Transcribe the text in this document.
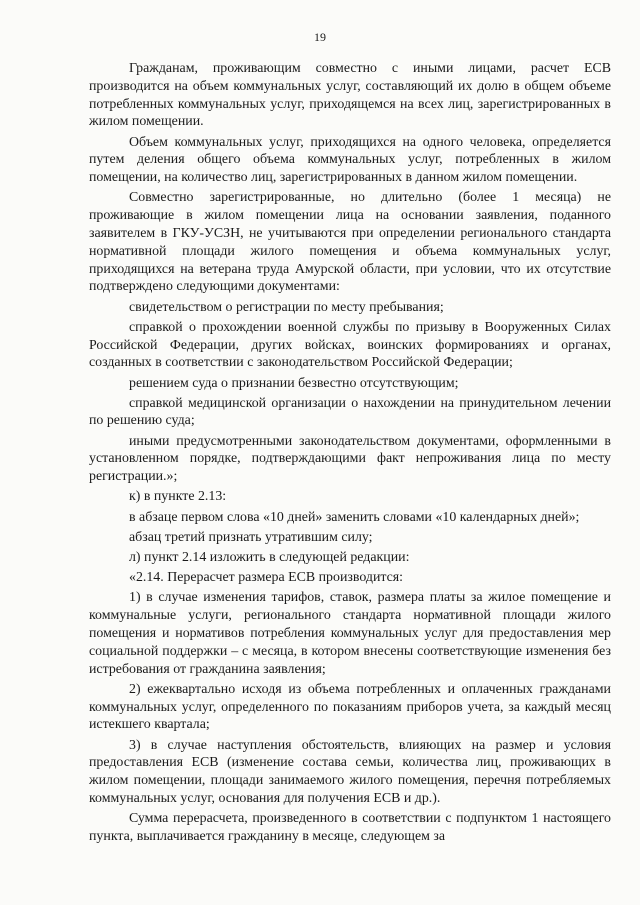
19

Гражданам, проживающим совместно с иными лицами, расчет ЕСВ производится на объем коммунальных услуг, составляющий их долю в общем объеме потребленных коммунальных услуг, приходящемся на всех лиц, зарегистрированных в жилом помещении.

Объем коммунальных услуг, приходящихся на одного человека, определяется путем деления общего объема коммунальных услуг, потребленных в жилом помещении, на количество лиц, зарегистрированных в данном жилом помещении.

Совместно зарегистрированные, но длительно (более 1 месяца) не проживающие в жилом помещении лица на основании заявления, поданного заявителем в ГКУ-УСЗН, не учитываются при определении регионального стандарта нормативной площади жилого помещения и объема коммунальных услуг, приходящихся на ветерана труда Амурской области, при условии, что их отсутствие подтверждено следующими документами:

свидетельством о регистрации по месту пребывания;

справкой о прохождении военной службы по призыву в Вооруженных Силах Российской Федерации, других войсках, воинских формированиях и органах, созданных в соответствии с законодательством Российской Федерации;

решением суда о признании безвестно отсутствующим;

справкой медицинской организации о нахождении на принудительном лечении по решению суда;

иными предусмотренными законодательством документами, оформленными в установленном порядке, подтверждающими факт непроживания лица по месту регистрации.»;

к) в пункте 2.13:

в абзаце первом слова «10 дней» заменить словами «10 календарных дней»;

абзац третий признать утратившим силу;

л) пункт 2.14 изложить в следующей редакции:

«2.14. Перерасчет размера ЕСВ производится:

1) в случае изменения тарифов, ставок, размера платы за жилое помещение и коммунальные услуги, регионального стандарта нормативной площади жилого помещения и нормативов потребления коммунальных услуг для предоставления мер социальной поддержки – с месяца, в котором внесены соответствующие изменения без истребования от гражданина заявления;

2) ежеквартально исходя из объема потребленных и оплаченных гражданами коммунальных услуг, определенного по показаниям приборов учета, за каждый месяц истекшего квартала;

3) в случае наступления обстоятельств, влияющих на размер и условия предоставления ЕСВ (изменение состава семьи, количества лиц, проживающих в жилом помещении, площади занимаемого жилого помещения, перечня потребляемых коммунальных услуг, основания для получения ЕСВ и др.).

Сумма перерасчета, произведенного в соответствии с подпунктом 1 настоящего пункта, выплачивается гражданину в месяце, следующем за
